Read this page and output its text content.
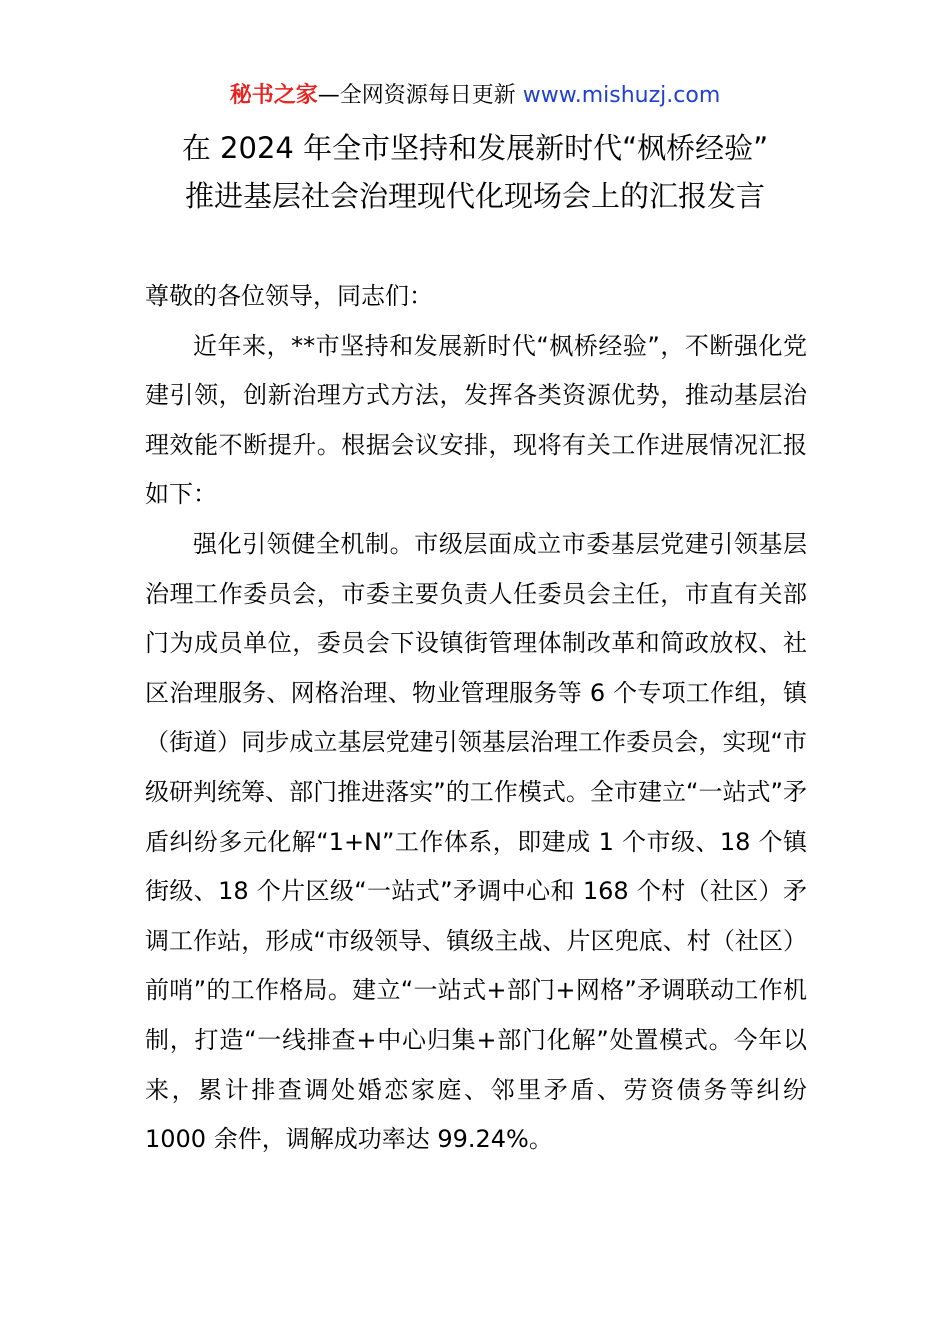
秘书之家—全网资源每日更新 www.mishuzj.com
在 2024 年全市坚持和发展新时代“枫桥经验”
推进基层社会治理现代化现场会上的汇报发言

尊敬的各位领导，同志们：

近年来，**市坚持和发展新时代“枫桥经验”，不断强化党建引领，创新治理方式方法，发挥各类资源优势，推动基层治理效能不断提升。根据会议安排，现将有关工作进展情况汇报如下：

强化引领健全机制。市级层面成立市委基层党建引领基层治理工作委员会，市委主要负责人任委员会主任，市直有关部门为成员单位，委员会下设镇街管理体制改革和简政放权、社区治理服务、网格治理、物业管理服务等 6 个专项工作组，镇（街道）同步成立基层党建引领基层治理工作委员会，实现“市级研判统筹、部门推进落实”的工作模式。全市建立“一站式”矛盾纠纷多元化解“1+N”工作体系，即建成 1 个市级、18 个镇街级、18 个片区级“一站式”矛调中心和 168 个村（社区）矛调工作站，形成“市级领导、镇级主战、片区兜底、村（社区）前哨”的工作格局。建立“一站式+部门+网格”矛调联动工作机制，打造“一线排查+中心归集+部门化解”处置模式。今年以来，累计排查调处婚恋家庭、邻里矛盾、劳资债务等纠纷 1000 余件，调解成功率达 99.24%。
